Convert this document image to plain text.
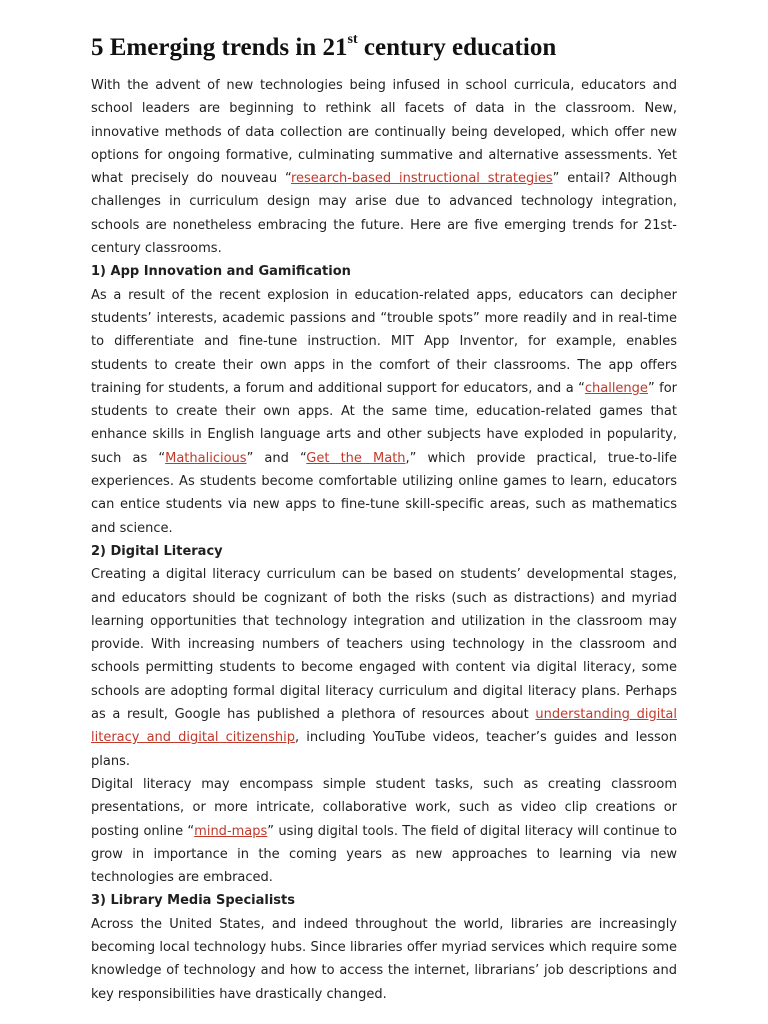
5 Emerging trends in 21st century education

With the advent of new technologies being infused in school curricula, educators and school leaders are beginning to rethink all facets of data in the classroom. New, innovative methods of data collection are continually being developed, which offer new options for ongoing formative, culminating summative and alternative assessments. Yet what precisely do nouveau “research-based instructional strategies” entail? Although challenges in curriculum design may arise due to advanced technology integration, schools are nonetheless embracing the future. Here are five emerging trends for 21st-century classrooms.

1) App Innovation and Gamification

As a result of the recent explosion in education-related apps, educators can decipher students’ interests, academic passions and “trouble spots” more readily and in real-time to differentiate and fine-tune instruction. MIT App Inventor, for example, enables students to create their own apps in the comfort of their classrooms. The app offers training for students, a forum and additional support for educators, and a “challenge” for students to create their own apps. At the same time, education-related games that enhance skills in English language arts and other subjects have exploded in popularity, such as “Mathalicious” and “Get the Math,” which provide practical, true-to-life experiences. As students become comfortable utilizing online games to learn, educators can entice students via new apps to fine-tune skill-specific areas, such as mathematics and science.

2) Digital Literacy

Creating a digital literacy curriculum can be based on students’ developmental stages, and educators should be cognizant of both the risks (such as distractions) and myriad learning opportunities that technology integration and utilization in the classroom may provide. With increasing numbers of teachers using technology in the classroom and schools permitting students to become engaged with content via digital literacy, some schools are adopting formal digital literacy curriculum and digital literacy plans. Perhaps as a result, Google has published a plethora of resources about understanding digital literacy and digital citizenship, including YouTube videos, teacher’s guides and lesson plans.

Digital literacy may encompass simple student tasks, such as creating classroom presentations, or more intricate, collaborative work, such as video clip creations or posting online “mind-maps” using digital tools. The field of digital literacy will continue to grow in importance in the coming years as new approaches to learning via new technologies are embraced.

3) Library Media Specialists

Across the United States, and indeed throughout the world, libraries are increasingly becoming local technology hubs. Since libraries offer myriad services which require some knowledge of technology and how to access the internet, librarians’ job descriptions and key responsibilities have drastically changed.
